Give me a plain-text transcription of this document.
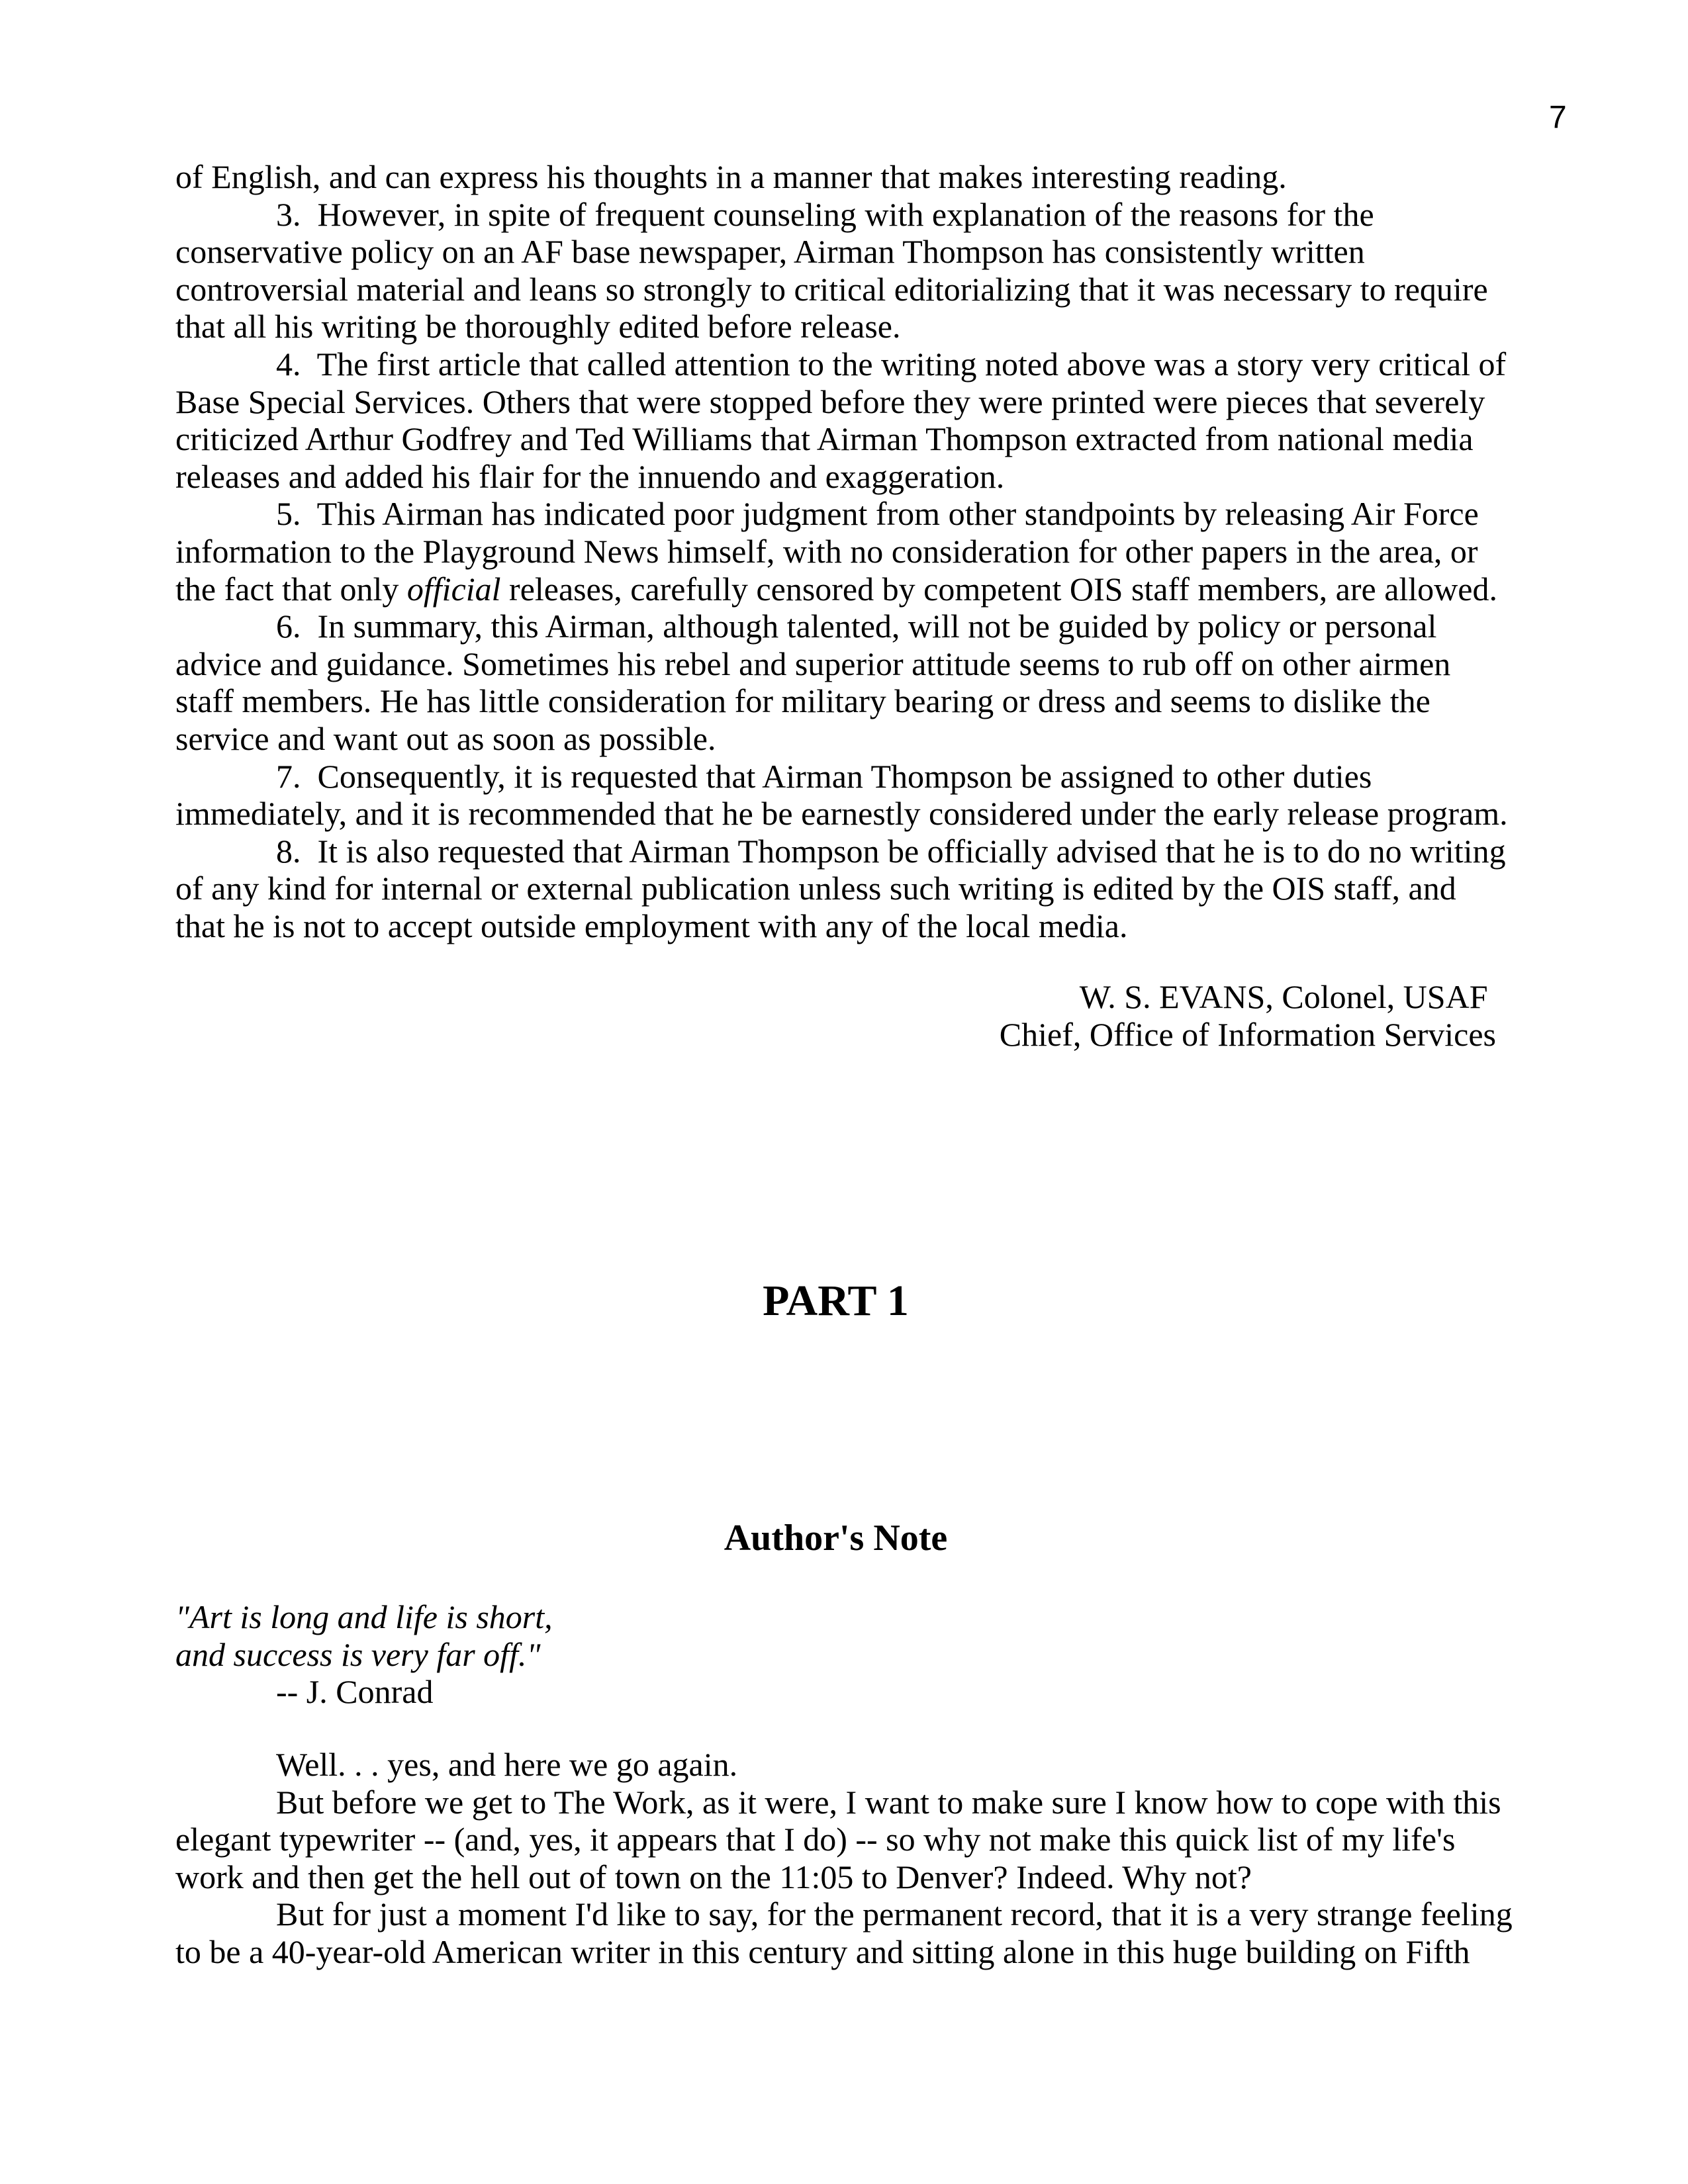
7
of English, and can express his thoughts in a manner that makes interesting reading.
3.  However, in spite of frequent counseling with explanation of the reasons for the
conservative policy on an AF base newspaper, Airman Thompson has consistently written
controversial material and leans so strongly to critical editorializing that it was necessary to require
that all his writing be thoroughly edited before release.
4.  The first article that called attention to the writing noted above was a story very critical of
Base Special Services. Others that were stopped before they were printed were pieces that severely
criticized Arthur Godfrey and Ted Williams that Airman Thompson extracted from national media
releases and added his flair for the innuendo and exaggeration.
5.  This Airman has indicated poor judgment from other standpoints by releasing Air Force
information to the Playground News himself, with no consideration for other papers in the area, or
the fact that only official releases, carefully censored by competent OIS staff members, are allowed.
6.  In summary, this Airman, although talented, will not be guided by policy or personal
advice and guidance. Sometimes his rebel and superior attitude seems to rub off on other airmen
staff members. He has little consideration for military bearing or dress and seems to dislike the
service and want out as soon as possible.
7.  Consequently, it is requested that Airman Thompson be assigned to other duties
immediately, and it is recommended that he be earnestly considered under the early release program.
8.  It is also requested that Airman Thompson be officially advised that he is to do no writing
of any kind for internal or external publication unless such writing is edited by the OIS staff, and
that he is not to accept outside employment with any of the local media.
W. S. EVANS, Colonel, USAF
Chief, Office of Information Services
PART 1
Author's Note
"Art is long and life is short,
and success is very far off."
-- J. Conrad
Well. . . yes, and here we go again.
But before we get to The Work, as it were, I want to make sure I know how to cope with this
elegant typewriter -- (and, yes, it appears that I do) -- so why not make this quick list of my life's
work and then get the hell out of town on the 11:05 to Denver? Indeed. Why not?
But for just a moment I'd like to say, for the permanent record, that it is a very strange feeling
to be a 40-year-old American writer in this century and sitting alone in this huge building on Fifth
